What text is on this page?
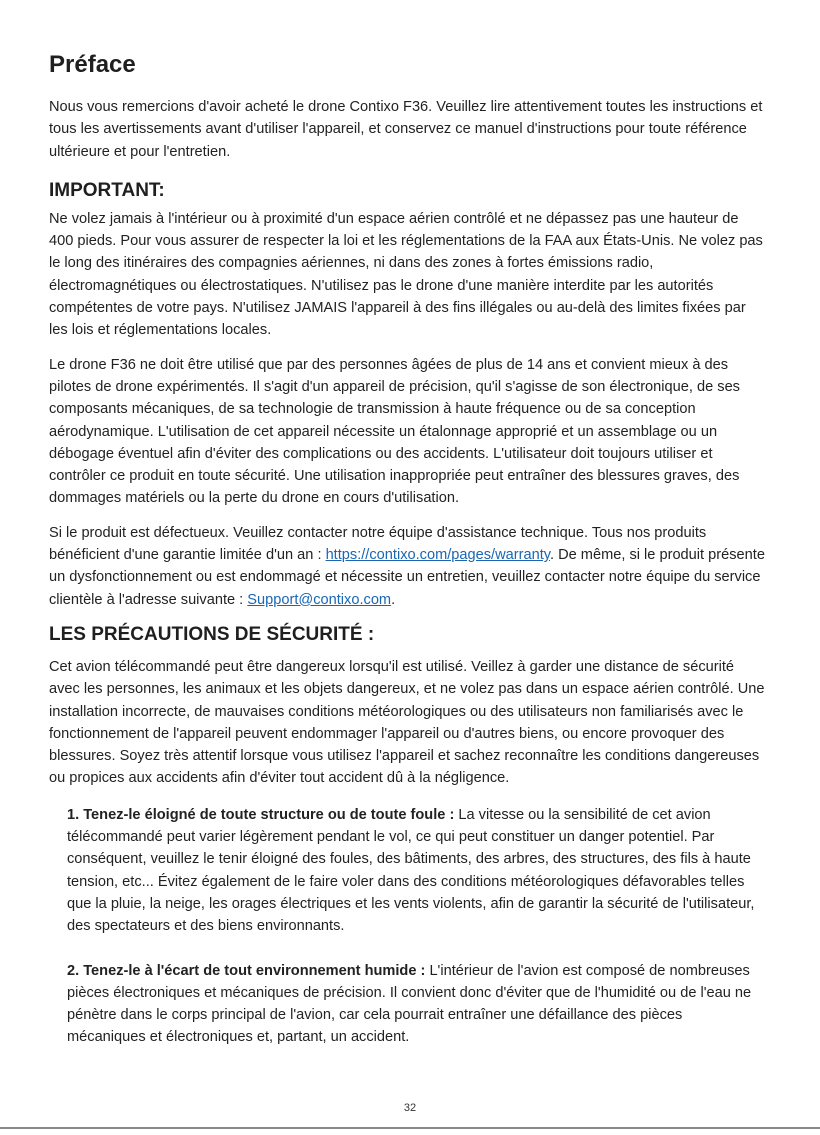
Préface

Nous vous remercions d'avoir acheté le drone Contixo F36. Veuillez lire attentivement toutes les instructions et tous les avertissements avant d'utiliser l'appareil, et conservez ce manuel d'instructions pour toute référence ultérieure et pour l'entretien.

IMPORTANT:

Ne volez jamais à l'intérieur ou à proximité d'un espace aérien contrôlé et ne dépassez pas une hauteur de 400 pieds. Pour vous assurer de respecter la loi et les réglementations de la FAA aux États-Unis. Ne volez pas le long des itinéraires des compagnies aériennes, ni dans des zones à fortes émissions radio, électromagnétiques ou électrostatiques. N'utilisez pas le drone d'une manière interdite par les autorités compétentes de votre pays. N'utilisez JAMAIS l'appareil à des fins illégales ou au-delà des limites fixées par les lois et réglementations locales.

Le drone F36 ne doit être utilisé que par des personnes âgées de plus de 14 ans et convient mieux à des pilotes de drone expérimentés. Il s'agit d'un appareil de précision, qu'il s'agisse de son électronique, de ses composants mécaniques, de sa technologie de transmission à haute fréquence ou de sa conception aérodynamique. L'utilisation de cet appareil nécessite un étalonnage approprié et un assemblage ou un débogage éventuel afin d'éviter des complications ou des accidents. L'utilisateur doit toujours utiliser et contrôler ce produit en toute sécurité. Une utilisation inappropriée peut entraîner des blessures graves, des dommages matériels ou la perte du drone en cours d'utilisation.

Si le produit est défectueux. Veuillez contacter notre équipe d'assistance technique. Tous nos produits bénéficient d'une garantie limitée d'un an : https://contixo.com/pages/warranty. De même, si le produit présente un dysfonctionnement ou est endommagé et nécessite un entretien, veuillez contacter notre équipe du service clientèle à l'adresse suivante : Support@contixo.com.

LES PRÉCAUTIONS DE SÉCURITÉ :

Cet avion télécommandé peut être dangereux lorsqu'il est utilisé. Veillez à garder une distance de sécurité avec les personnes, les animaux et les objets dangereux, et ne volez pas dans un espace aérien contrôlé. Une installation incorrecte, de mauvaises conditions météorologiques ou des utilisateurs non familiarisés avec le fonctionnement de l'appareil peuvent endommager l'appareil ou d'autres biens, ou encore provoquer des blessures. Soyez très attentif lorsque vous utilisez l'appareil et sachez reconnaître les conditions dangereuses ou propices aux accidents afin d'éviter tout accident dû à la négligence.

1. Tenez-le éloigné de toute structure ou de toute foule : La vitesse ou la sensibilité de cet avion télécommandé peut varier légèrement pendant le vol, ce qui peut constituer un danger potentiel. Par conséquent, veuillez le tenir éloigné des foules, des bâtiments, des arbres, des structures, des fils à haute tension, etc... Évitez également de le faire voler dans des conditions météorologiques défavorables telles que la pluie, la neige, les orages électriques et les vents violents, afin de garantir la sécurité de l'utilisateur, des spectateurs et des biens environnants.

2. Tenez-le à l'écart de tout environnement humide : L'intérieur de l'avion est composé de nombreuses pièces électroniques et mécaniques de précision. Il convient donc d'éviter que de l'humidité ou de l'eau ne pénètre dans le corps principal de l'avion, car cela pourrait entraîner une défaillance des pièces mécaniques et électroniques et, partant, un accident.

32
